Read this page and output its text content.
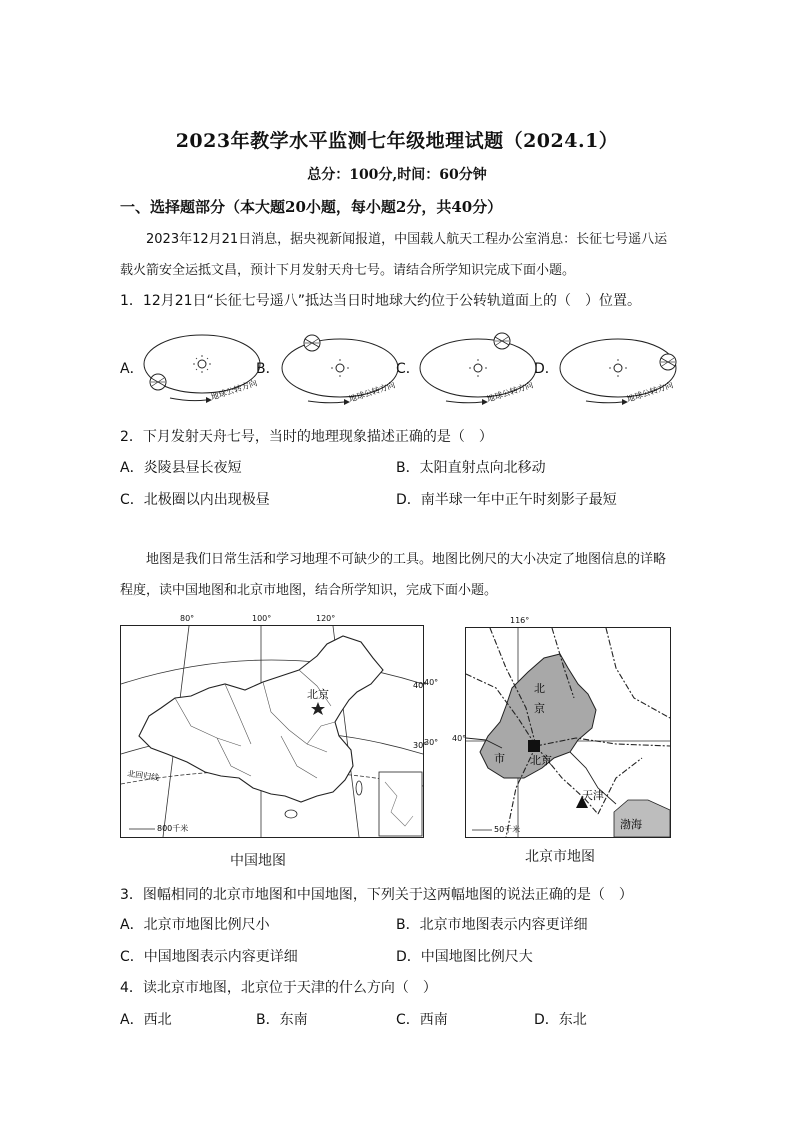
2023年教学水平监测七年级地理试题（2024.1）
总分：100分,时间：60分钟
一、选择题部分（本大题20小题，每小题2分，共40分）
2023年12月21日消息，据央视新闻报道，中国载人航天工程办公室消息：长征七号遥八运载火箭安全运抵文昌，预计下月发射天舟七号。请结合所学知识完成下面小题。
1．12月21日“长征七号遥八”抵达当日时地球大约位于公转轨道面上的（　）位置。
A．	B．	C．	D．
地球公转方向	地球公转方向	地球公转方向	地球公转方向
2．下月发射天舟七号，当时的地理现象描述正确的是（　）
A．炎陵县昼长夜短	B．太阳直射点向北移动
C．北极圈以内出现极昼	D．南半球一年中正午时刻影子最短
地图是我们日常生活和学习地理不可缺少的工具。地图比例尺的大小决定了地图信息的详略程度，读中国地图和北京市地图，结合所学知识，完成下面小题。
北京
北回归线
40°
30°
800千米
80°	100°	120°
40°
30°
中国地图
北
京
市 北京
天津
渤海
50千米
116°
40°
北京市地图
3．图幅相同的北京市地图和中国地图，下列关于这两幅地图的说法正确的是（　）
A．北京市地图比例尺小	B．北京市地图表示内容更详细
C．中国地图表示内容更详细	D．中国地图比例尺大
4．读北京市地图，北京位于天津的什么方向（　）
A．西北	B．东南	C．西南	D．东北
